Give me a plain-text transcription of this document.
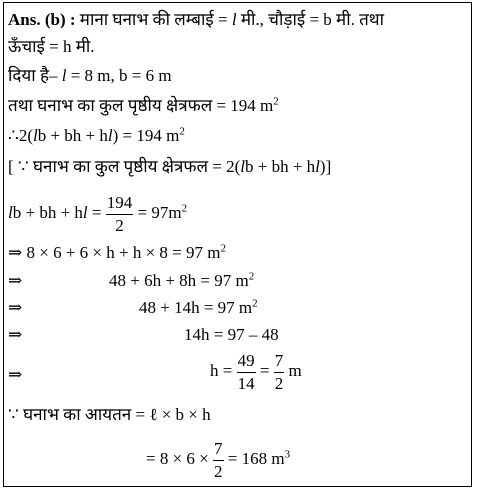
Ans. (b) : माना घनाभ की लम्बाई = l मी., चौड़ाई = b मी. तथा
ऊँचाई = h मी.
दिया है– l = 8 m, b = 6 m
तथा घनाभ का कुल पृष्ठीय क्षेत्रफल = 194 $m^2$
∴2(lb + bh + hl) = 194 $m^2$
[ ∵ घनाभ का कुल पृष्ठीय क्षेत्रफल = 2(lb + bh + hl)]
lb + bh + hl = $\frac{194}{2} = 97m^2$
⇒ 8 × 6 + 6 × h + h × 8 = 97 $m^2$
⇒	48 + 6h + 8h = 97 $m^2$
⇒	48 + 14h = 97 $m^2$
⇒	14h = 97 – 48
⇒	$h = \frac{49}{14} = \frac{7}{2}$ m
∵ घनाभ का आयतन = ℓ × b × h
= $8 \times 6 \times \frac{7}{2} = 168$ $m^3$
